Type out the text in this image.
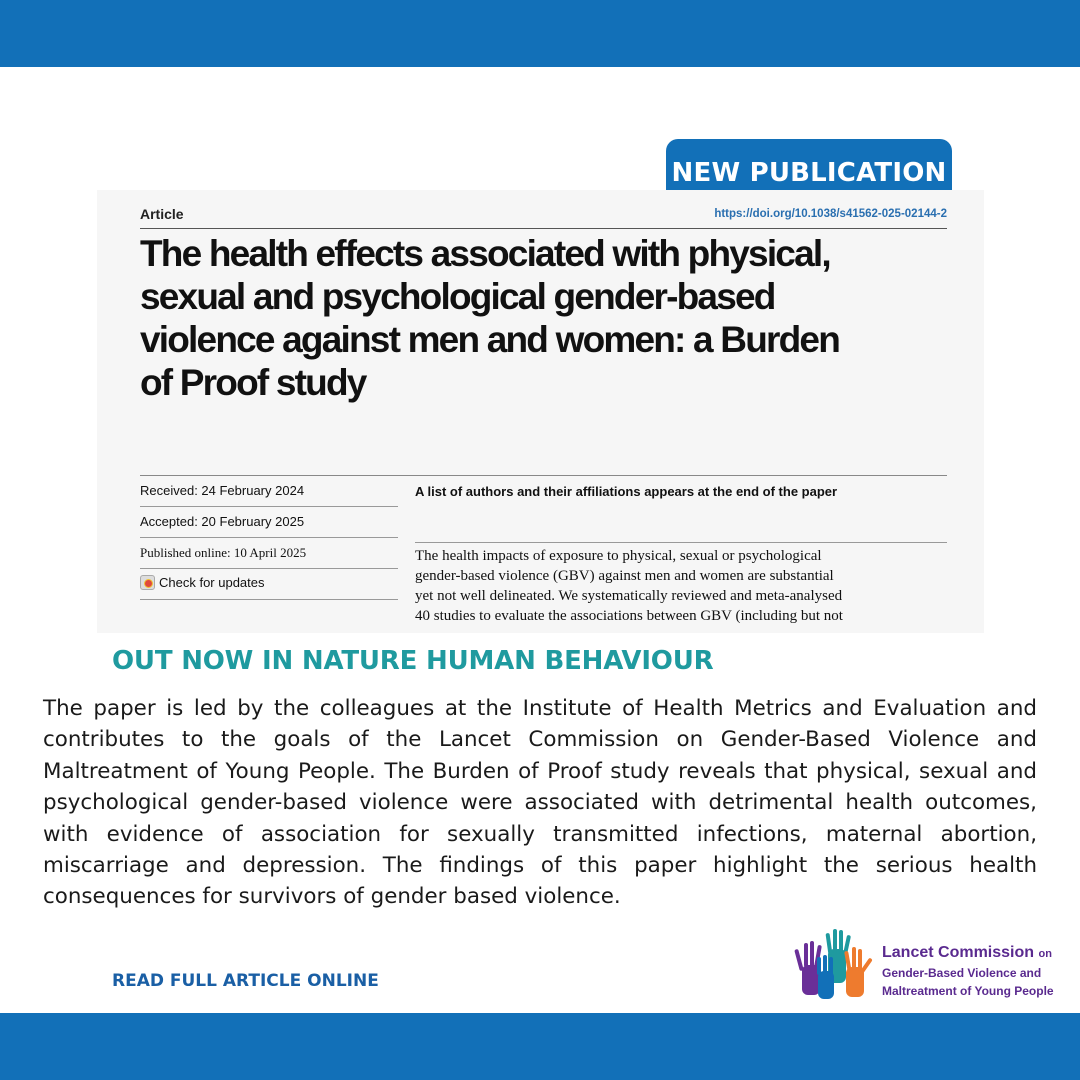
NEW PUBLICATION
Article	https://doi.org/10.1038/s41562-025-02144-2
The health effects associated with physical,
sexual and psychological gender-based
violence against men and women: a Burden
of Proof study
Received: 24 February 2024
Accepted: 20 February 2025
Published online: 10 April 2025
Check for updates
A list of authors and their affiliations appears at the end of the paper
The health impacts of exposure to physical, sexual or psychological
gender-based violence (GBV) against men and women are substantial
yet not well delineated. We systematically reviewed and meta-analysed
40 studies to evaluate the associations between GBV (including but not
OUT NOW IN NATURE HUMAN BEHAVIOUR
The paper is led by the colleagues at the Institute of Health Metrics and Evaluation and contributes to the goals of the Lancet Commission on Gender-Based Violence and Maltreatment of Young People. The Burden of Proof study reveals that physical, sexual and psychological gender-based violence were associated with detrimental health outcomes, with evidence of association for sexually transmitted infections, maternal abortion, miscarriage and depression. The findings of this paper highlight the serious health consequences for survivors of gender based violence.
READ FULL ARTICLE ONLINE
Lancet Commission on
Gender-Based Violence and
Maltreatment of Young People
